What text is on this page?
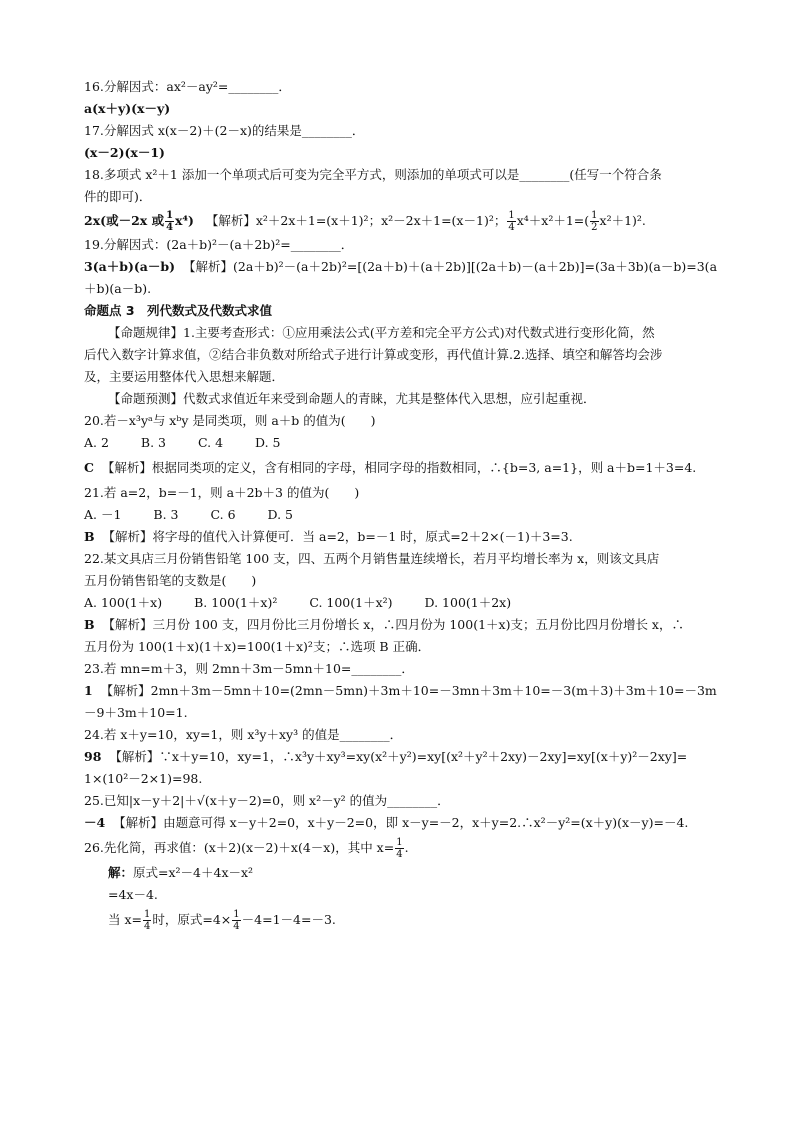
16.分解因式：ax²－ay²=________．
a(x＋y)(x－y)
17.分解因式 x(x－2)＋(2－x)的结果是________．
(x－2)(x－1)
18.多项式 x²＋1 添加一个单项式后可变为完全平方式，则添加的单项式可以是________(任写一个符合条
件的即可)．
2x(或－2x 或 $\frac{1}{4} x^4$) 【解析】x²＋2x＋1=(x＋1)²；x²－2x＋1=(x－1)²； $\frac{1}{4} x^4+x^2+1=( \frac{1}{2} x^2+1)^2$.
19.分解因式：(2a＋b)²－(a＋2b)²=________．
3(a＋b)(a－b) 【解析】(2a＋b)²－(a＋2b)²=[(2a＋b)＋(a＋2b)][(2a＋b)－(a＋2b)]=(3a＋3b)(a－b)=3(a
＋b)(a－b).
命题点 3　列代数式及代数式求值
【命题规律】1.主要考查形式：①应用乘法公式(平方差和完全平方公式)对代数式进行变形化简，然
后代入数字计算求值，②结合非负数对所给式子进行计算或变形，再代值计算.2.选择、填空和解答均会涉
及，主要运用整体代入思想来解题．
【命题预测】代数式求值近年来受到命题人的青睐，尤其是整体代入思想，应引起重视．
20.若－x³yᵃ与 xᵇy 是同类项，则 a＋b 的值为(　　)
A. 2	B. 3	C. 4	D. 5
C 【解析】根据同类项的定义，含有相同的字母，相同字母的指数相同，∴{b=3, a=1}，则 a＋b=1＋3=4.
21.若 a=2，b=－1，则 a＋2b＋3 的值为(　　)
A. －1	B. 3	C. 6	D. 5
B 【解析】将字母的值代入计算便可．当 a=2，b=－1 时，原式=2＋2×(－1)＋3=3.
22.某文具店三月份销售铅笔 100 支，四、五两个月销售量连续增长，若月平均增长率为 x，则该文具店
五月份销售铅笔的支数是(　　)
A. 100(1＋x)	B. 100(1＋x)²	C. 100(1＋x²)	D. 100(1＋2x)
B 【解析】三月份 100 支，四月份比三月份增长 x，∴四月份为 100(1＋x)支；五月份比四月份增长 x，∴
五月份为 100(1＋x)(1＋x)=100(1＋x)²支；∴选项 B 正确．
23.若 mn=m＋3，则 2mn＋3m－5mn＋10=________．
1 【解析】2mn＋3m－5mn＋10=(2mn－5mn)＋3m＋10=－3mn＋3m＋10=－3(m＋3)＋3m＋10=－3m
－9＋3m＋10=1.
24.若 x＋y=10，xy=1，则 x³y＋xy³ 的值是________．
98 【解析】∵x＋y=10，xy=1，∴x³y＋xy³=xy(x²＋y²)=xy[(x²＋y²＋2xy)－2xy]=xy[(x＋y)²－2xy]=
1×(10²－2×1)=98.
25.已知|x－y＋2|＋√(x＋y－2)=0，则 x²－y² 的值为________．
－4 【解析】由题意可得 x－y＋2=0，x＋y－2=0，即 x－y=－2，x＋y=2.∴x²－y²=(x＋y)(x－y)=－4.
26.先化简，再求值：(x＋2)(x－2)＋x(4－x)，其中 $x= \frac{1}{4}$ .
解：原式=x²－4＋4x－x²
=4x－4.
当 $x= \frac{1}{4}$ 时，原式$=4\times \frac{1}{4} -4=1-4=-3$.
